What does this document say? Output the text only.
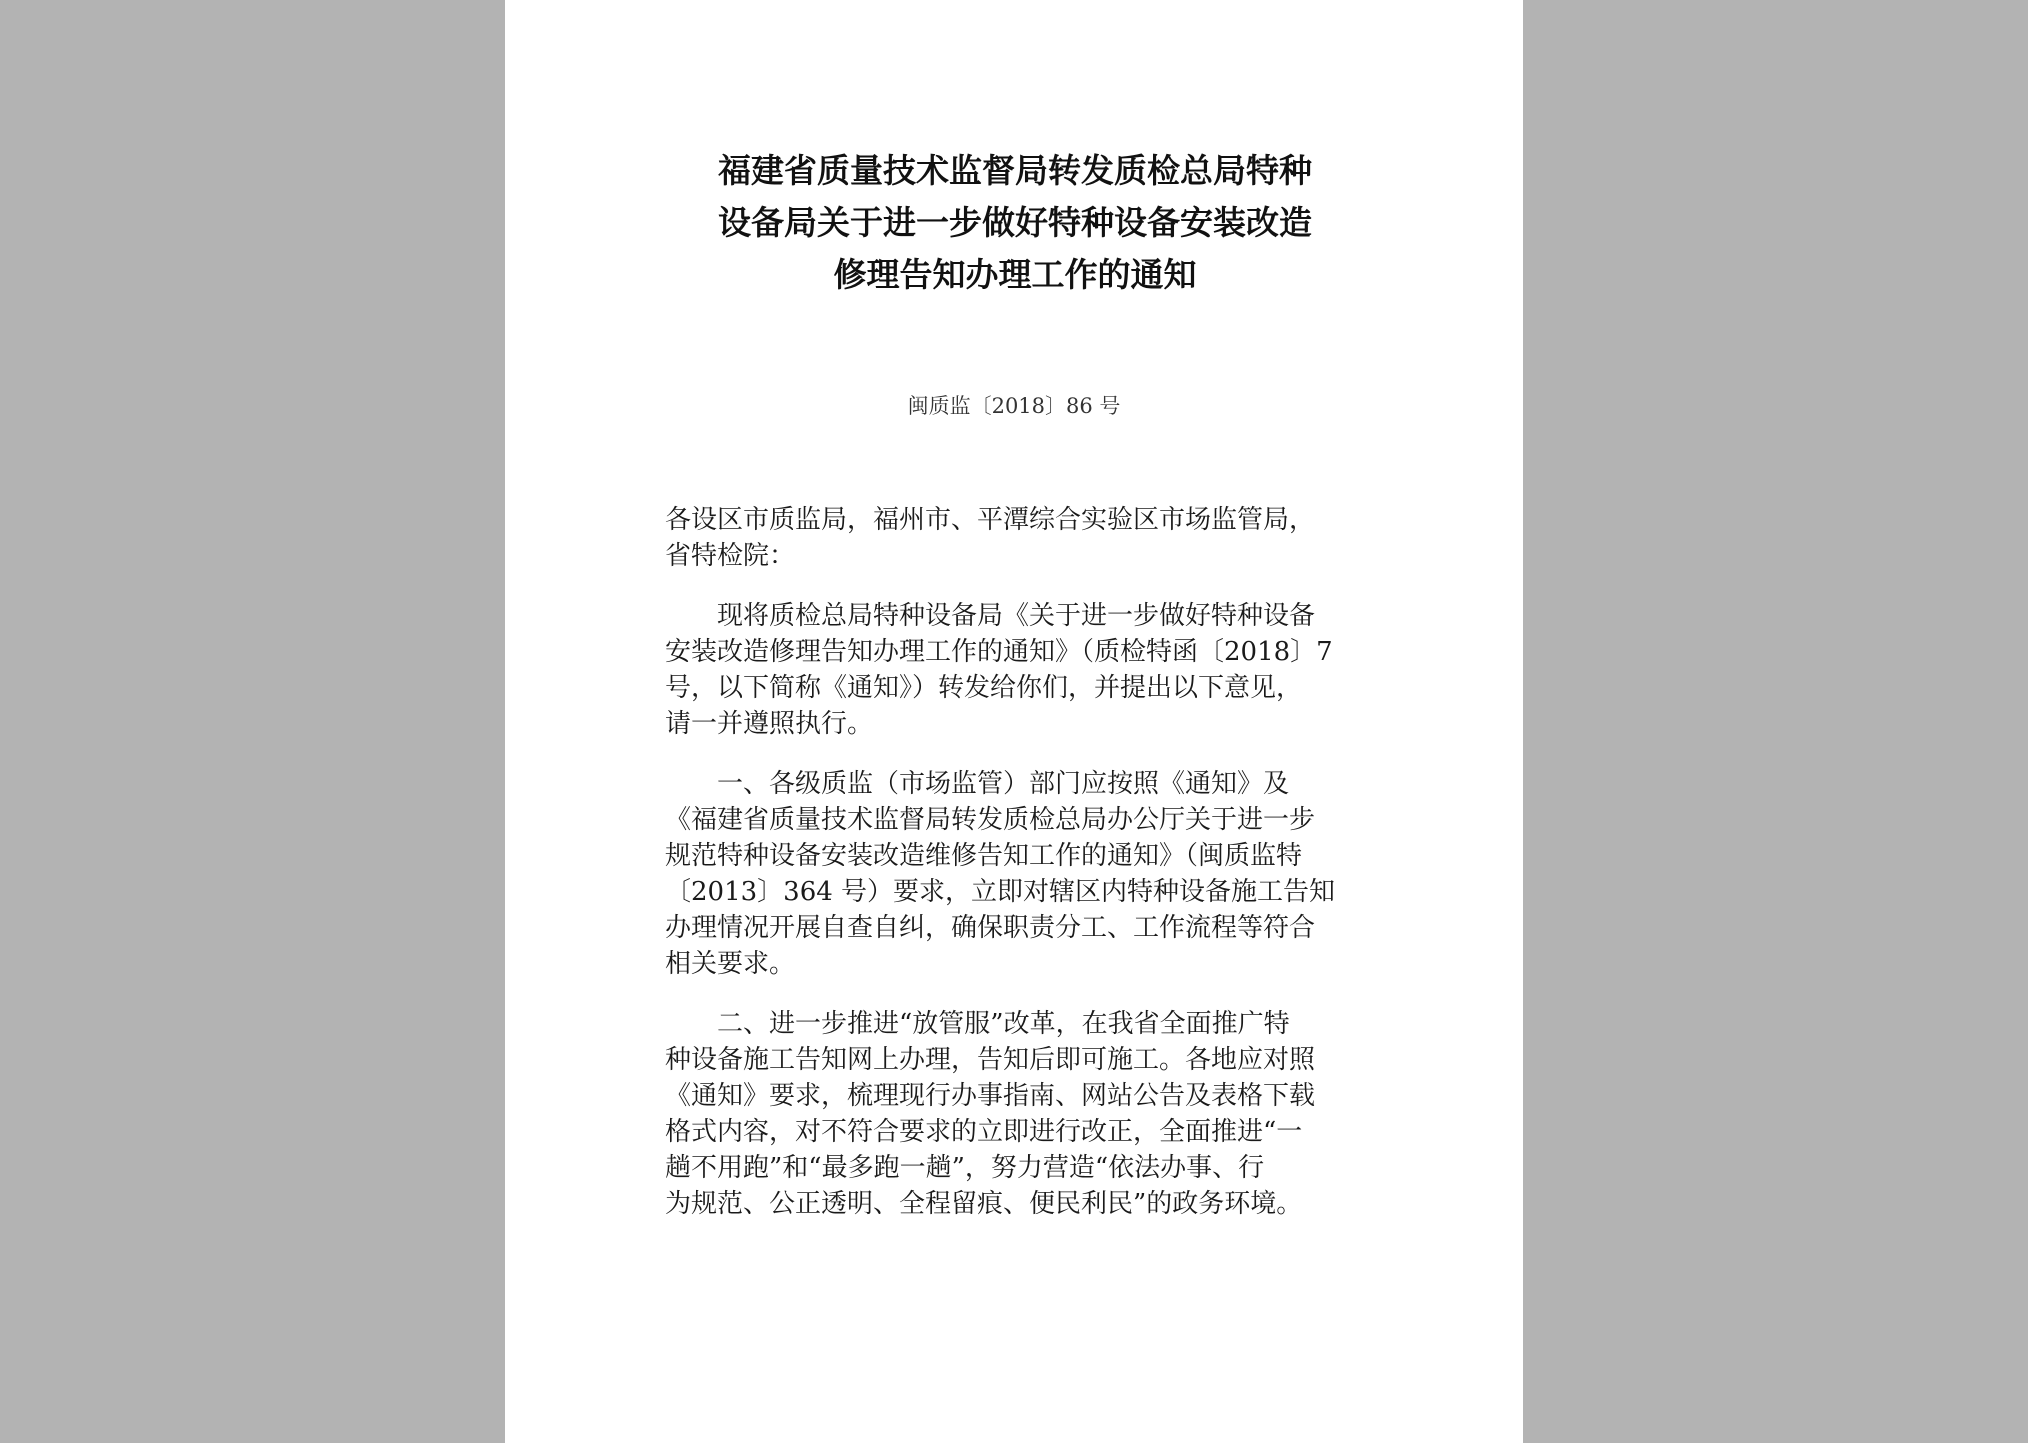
福建省质量技术监督局转发质检总局特种
设备局关于进一步做好特种设备安装改造
修理告知办理工作的通知
闽质监〔2018〕86 号

各设区市质监局，福州市、平潭综合实验区市场监管局，
省特检院：

　　现将质检总局特种设备局《关于进一步做好特种设备
安装改造修理告知办理工作的通知》（质检特函〔2018〕7
号，以下简称《通知》）转发给你们，并提出以下意见，
请一并遵照执行。

　　一、各级质监（市场监管）部门应按照《通知》及
《福建省质量技术监督局转发质检总局办公厅关于进一步
规范特种设备安装改造维修告知工作的通知》（闽质监特
〔2013〕364 号）要求，立即对辖区内特种设备施工告知
办理情况开展自查自纠，确保职责分工、工作流程等符合
相关要求。

　　二、进一步推进“放管服”改革，在我省全面推广特
种设备施工告知网上办理，告知后即可施工。各地应对照
《通知》要求，梳理现行办事指南、网站公告及表格下载
格式内容，对不符合要求的立即进行改正，全面推进“一
趟不用跑”和“最多跑一趟”，努力营造“依法办事、行
为规范、公正透明、全程留痕、便民利民”的政务环境。
